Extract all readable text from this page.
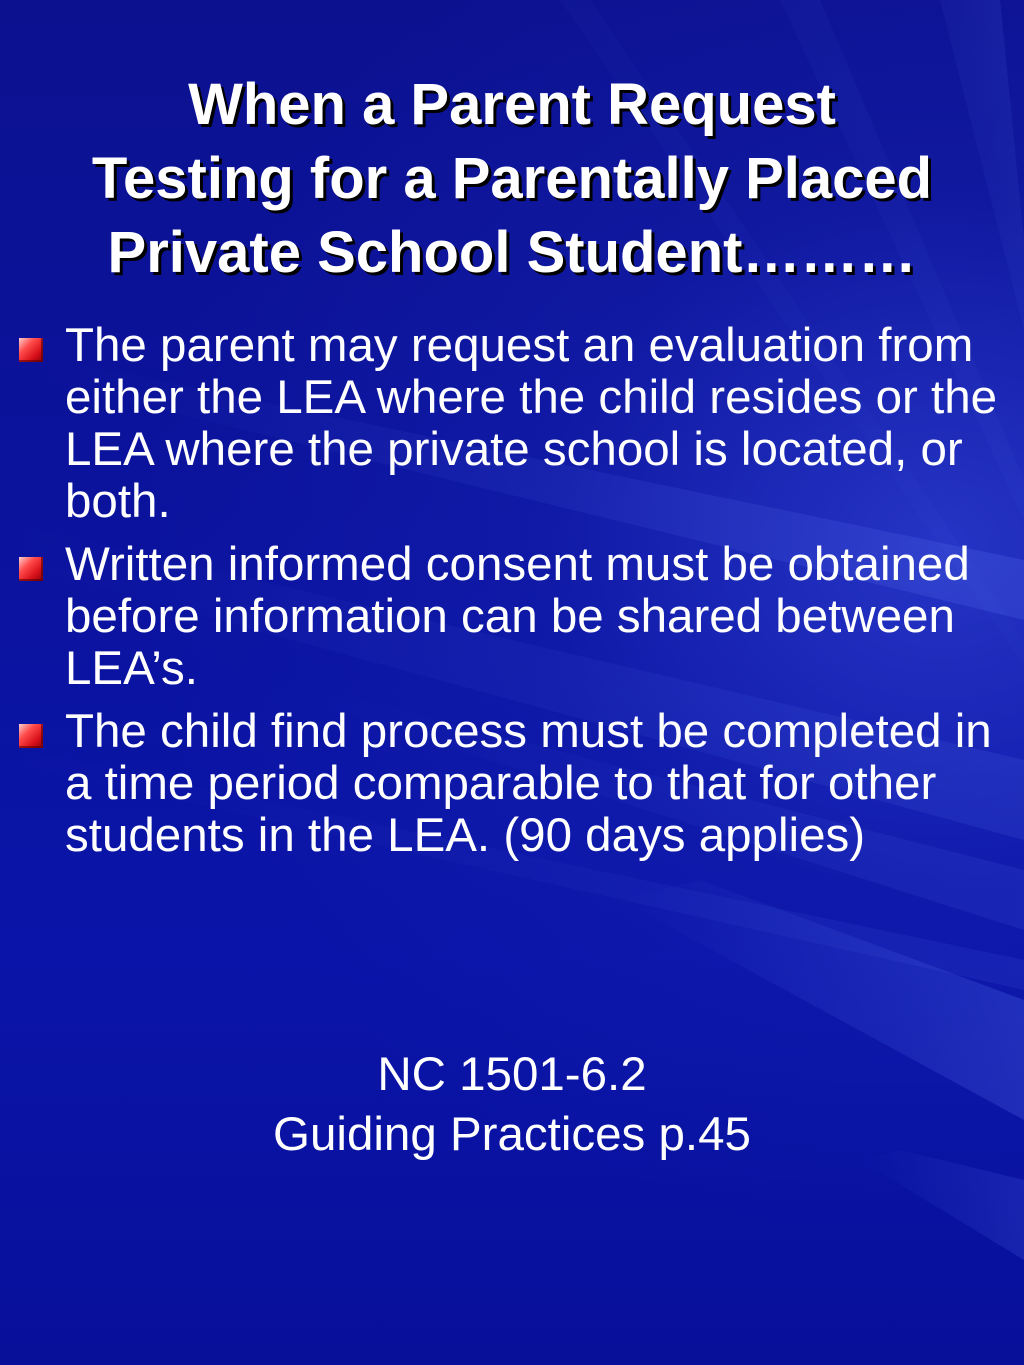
When a Parent Request
Testing for a Parentally Placed
Private School Student………
The parent may request an evaluation from either the LEA where the child resides or the LEA where the private school is located, or both.
Written informed consent must be obtained before information can be shared between LEA’s.
The child find process must be completed in a time period comparable to that for other students in the LEA. (90 days applies)
NC 1501-6.2
Guiding Practices p.45
